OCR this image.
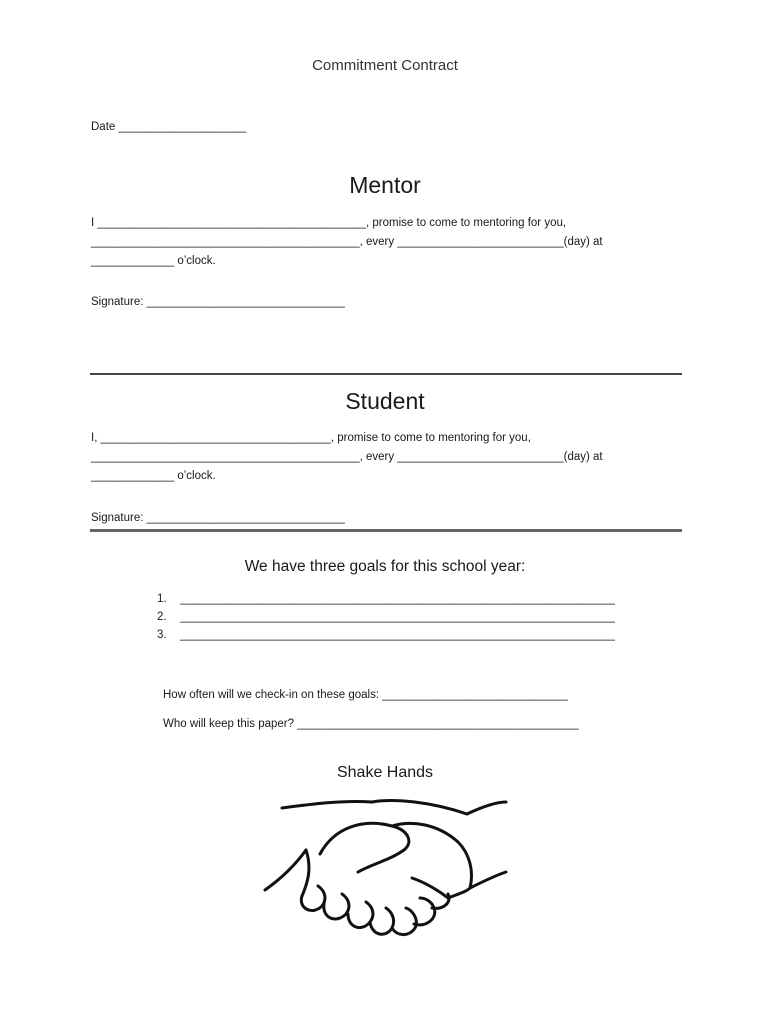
Commitment Contract
Date ____________________
Mentor
I __________________________________________, promise to come to mentoring for you,
__________________________________________, every __________________________(day) at
_____________ o’clock.
Signature: _______________________________
Student
I, ____________________________________, promise to come to mentoring for you,
__________________________________________, every __________________________(day) at
_____________ o’clock.
Signature: _______________________________
We have three goals for this school year:
1. ____________________________________________________________________
2. ____________________________________________________________________
3. ____________________________________________________________________
How often will we check-in on these goals: _____________________________
Who will keep this paper? ____________________________________________
Shake Hands
